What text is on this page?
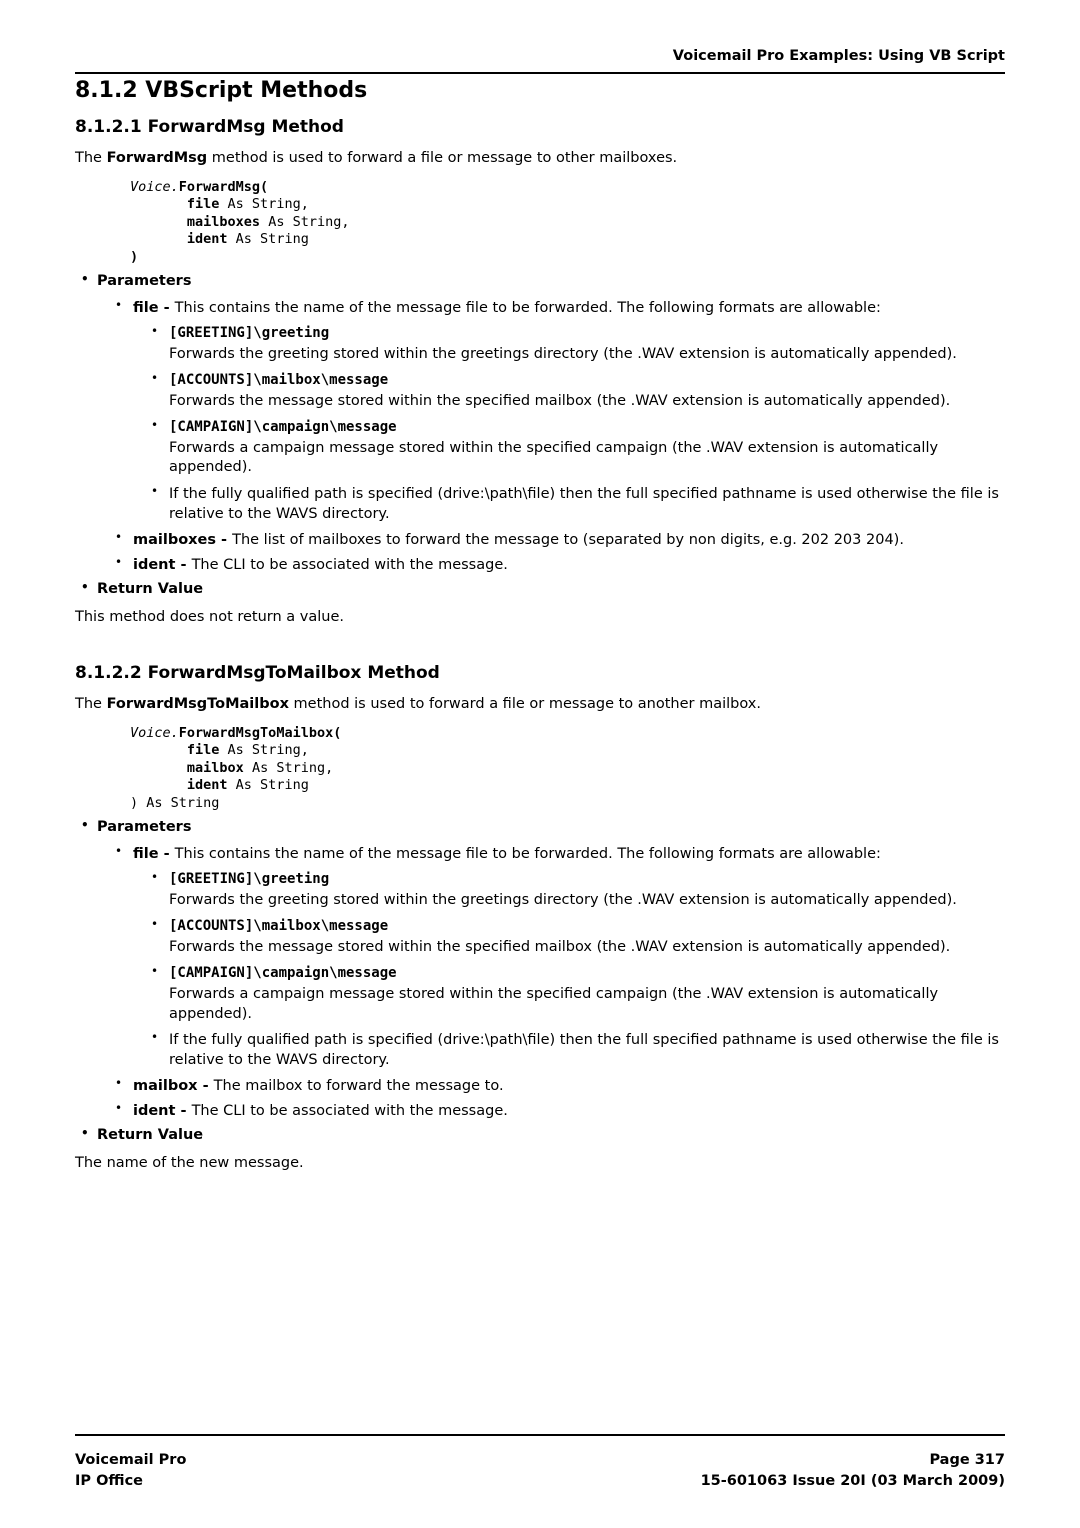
Voicemail Pro Examples: Using VB Script
8.1.2 VBScript Methods
8.1.2.1 ForwardMsg Method

The ForwardMsg method is used to forward a file or message to other mailboxes.

Voice.ForwardMsg(
file As String,
mailboxes As String,
ident As String
)
• Parameters
• file - This contains the name of the message file to be forwarded. The following formats are allowable:
• [GREETING]\greeting
Forwards the greeting stored within the greetings directory (the .WAV extension is automatically appended).
• [ACCOUNTS]\mailbox\message
Forwards the message stored within the specified mailbox (the .WAV extension is automatically appended).
• [CAMPAIGN]\campaign\message
Forwards a campaign message stored within the specified campaign (the .WAV extension is automatically appended).
• If the fully qualified path is specified (drive:\path\file) then the full specified pathname is used otherwise the file is relative to the WAVS directory.
• mailboxes - The list of mailboxes to forward the message to (separated by non digits, e.g. 202 203 204).
• ident - The CLI to be associated with the message.
• Return Value

This method does not return a value.

8.1.2.2 ForwardMsgToMailbox Method

The ForwardMsgToMailbox method is used to forward a file or message to another mailbox.

Voice.ForwardMsgToMailbox(
file As String,
mailbox As String,
ident As String
) As String
• Parameters
• file - This contains the name of the message file to be forwarded. The following formats are allowable:
• [GREETING]\greeting
Forwards the greeting stored within the greetings directory (the .WAV extension is automatically appended).
• [ACCOUNTS]\mailbox\message
Forwards the message stored within the specified mailbox (the .WAV extension is automatically appended).
• [CAMPAIGN]\campaign\message
Forwards a campaign message stored within the specified campaign (the .WAV extension is automatically appended).
• If the fully qualified path is specified (drive:\path\file) then the full specified pathname is used otherwise the file is relative to the WAVS directory.
• mailbox - The mailbox to forward the message to.
• ident - The CLI to be associated with the message.
• Return Value

The name of the new message.

Voicemail Pro	Page 317
IP Office	15-601063 Issue 20I (03 March 2009)
